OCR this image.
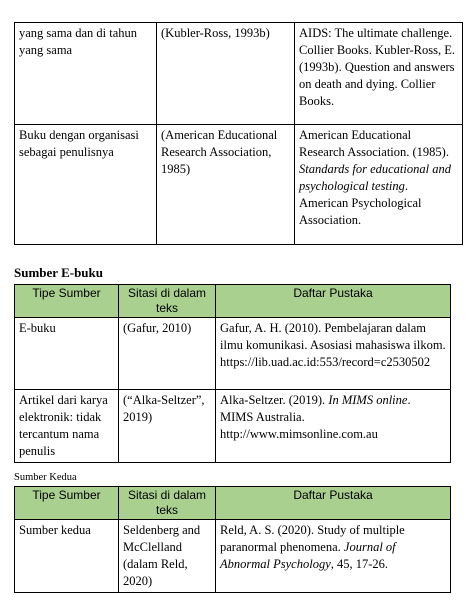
yang sama dan di tahun yang sama	(Kubler-Ross, 1993b)	AIDS: The ultimate challenge. Collier Books. Kubler-Ross, E. (1993b). Question and answers on death and dying. Collier Books.
Buku dengan organisasi sebagai penulisnya	(American Educational Research Association, 1985)	American Educational Research Association. (1985). Standards for educational and psychological testing. American Psychological Association.
Sumber E-buku
Tipe Sumber	Sitasi di dalam teks	Daftar Pustaka
E-buku	(Gafur, 2010)	Gafur, A. H. (2010). Pembelajaran dalam ilmu komunikasi. Asosiasi mahasiswa ilkom. https://lib.uad.ac.id:553/record=c2530502
Artikel dari karya elektronik: tidak tercantum nama penulis	(“Alka-Seltzer”, 2019)	Alka-Seltzer. (2019). In MIMS online. MIMS Australia. http://www.mimsonline.com.au
Sumber Kedua
Tipe Sumber	Sitasi di dalam teks	Daftar Pustaka
Sumber kedua	Seldenberg and McClelland (dalam Reld, 2020)	Reld, A. S. (2020). Study of multiple paranormal phenomena. Journal of Abnormal Psychology, 45, 17-26.
